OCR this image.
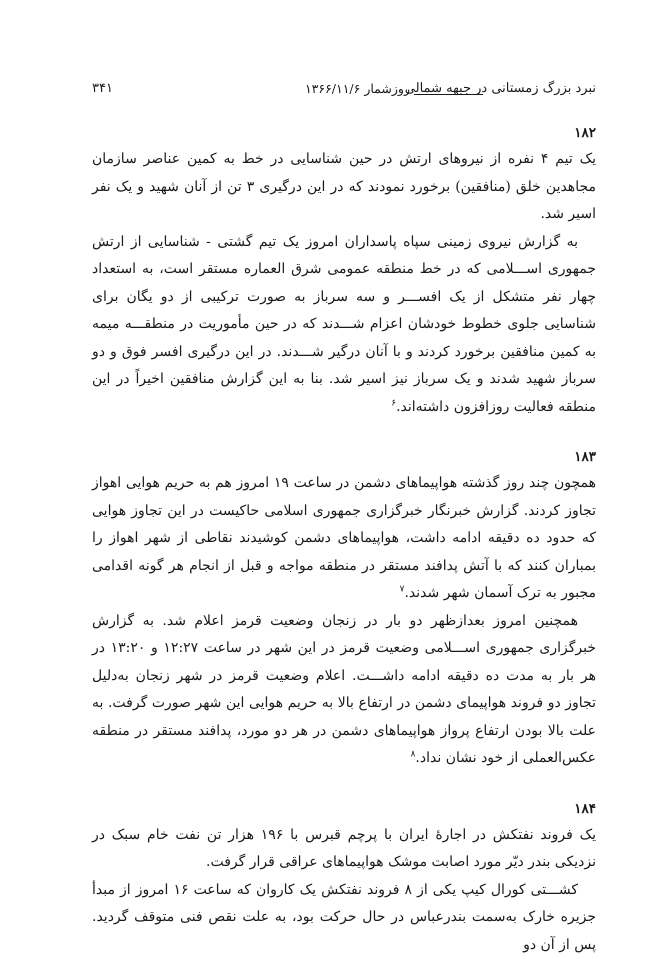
نبرد بزرگ زمستانی در جبهه شمالی
روزشمار ۱۳۶۶/۱۱/۶
۳۴۱
۱۸۲

یک تیم ۴ نفره از نیروهای ارتش در حین شناسایی در خط به کمین عناصر سازمان مجاهدین خلق (منافقین) برخورد نمودند که در این درگیری ۳ تن از آنان شهید و یک نفر اسیر شد.

به گزارش نیروی زمینی سپاه پاسداران امروز یک تیم گشتی - شناسایی از ارتش جمهوری اســـلامی که در خط منطقه عمومی شرق العماره مستقر است، به استعداد چهار نفر متشکل از یک افســـر و سه سرباز به صورت ترکیبی از دو یگان برای شناسایی جلوی خطوط خودشان اعزام شـــدند که در حین مأموریت در منطقـــه میمه به کمین منافقین برخورد کردند و با آنان درگیر شـــدند. در این درگیری افسر فوق و دو سرباز شهید شدند و یک سرباز نیز اسیر شد. بنا به این گزارش منافقین اخیراً در این منطقه فعالیت روزافزون داشته‌اند.$^۶$

۱۸۳

همچون چند روز گذشته هواپیماهای دشمن در ساعت ۱۹ امروز هم به حریم هوایی اهواز تجاوز کردند. گزارش خبرنگار خبرگزاری جمهوری اسلامی حاکیست در این تجاوز هوایی که حدود ده دقیقه ادامه داشت، هواپیماهای دشمن کوشیدند نقاطی از شهر اهواز را بمباران کنند که با آتش پدافند مستقر در منطقه مواجه و قبل از انجام هر گونه اقدامی مجبور به ترک آسمان شهر شدند.$^۷$

همچنین امروز بعدازظهر دو بار در زنجان وضعیت قرمز اعلام شد. به گزارش خبرگزاری جمهوری اســـلامی وضعیت قرمز در این شهر در ساعت ۱۲:۲۷ و ۱۳:۲۰ در هر بار به مدت ده دقیقه ادامه داشـــت. اعلام وضعیت قرمز در شهر زنجان به‌دلیل تجاوز دو فروند هواپیمای دشمن در ارتفاع بالا به حریم هوایی این شهر صورت گرفت. به علت بالا بودن ارتفاع پرواز هواپیماهای دشمن در هر دو مورد، پدافند مستقر در منطقه عکس‌العملی از خود نشان نداد.$^۸$

۱۸۴

یک فروند نفتکش در اجارهٔ ایران با پرچم قبرس با ۱۹۶ هزار تن نفت خام سبک در نزدیکی بندر دیّر مورد اصابت موشک هواپیماهای عراقی قرار گرفت.

کشـــتی کورال کیپ یکی از ۸ فروند نفتکش یک کاروان که ساعت ۱۶ امروز از مبدأ جزیره خارک به‌سمت بندرعباس در حال حرکت بود، به علت نقص فنی متوقف گردید. پس از آن دو
